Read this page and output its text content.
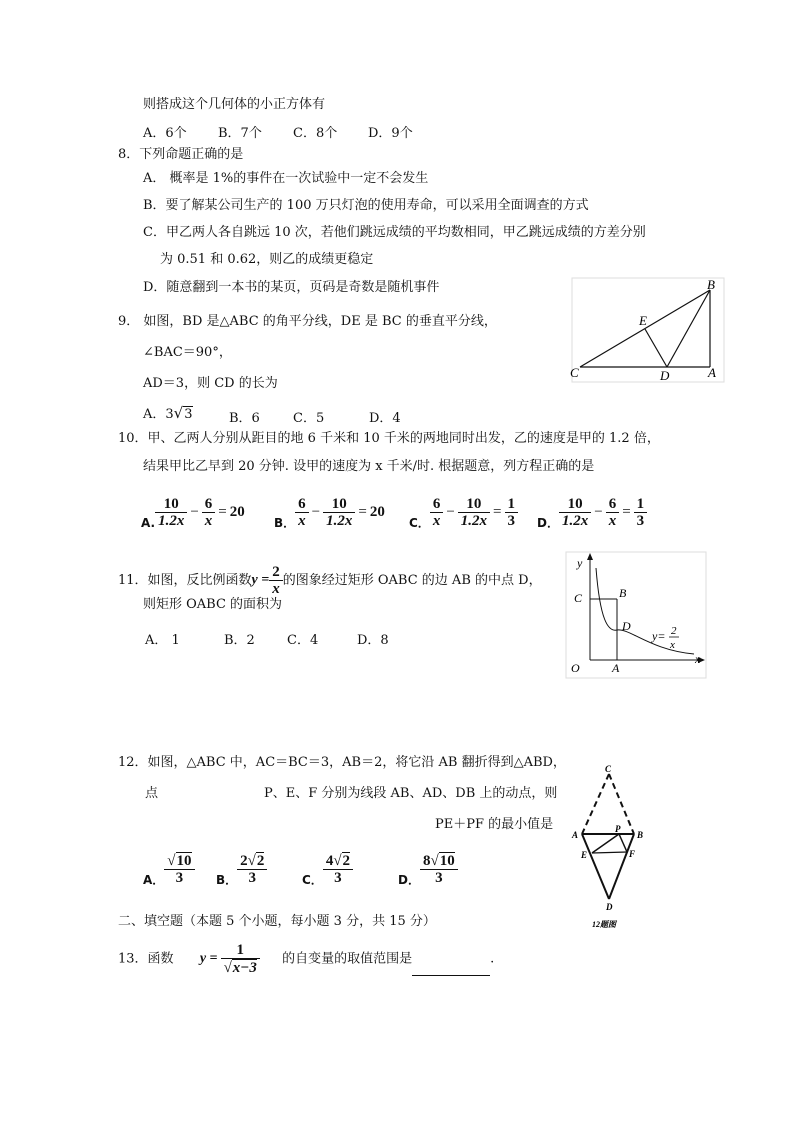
则搭成这个几何体的小正方体有
A．6个 B．7个 C．8个 D．9个
8．下列命题正确的是
A． 概率是 1%的事件在一次试验中一定不会发生
B．要了解某公司生产的 100 万只灯泡的使用寿命，可以采用全面调查的方式
C．甲乙两人各自跳远 10 次，若他们跳远成绩的平均数相同，甲乙跳远成绩的方差分别
为 0.51 和 0.62，则乙的成绩更稳定
D．随意翻到一本书的某页，页码是奇数是随机事件
9． 如图，BD 是△ABC 的角平分线，DE 是 BC 的垂直平分线，
∠BAC＝90°，
AD＝3，则 CD 的长为
A．3√3	B．6	C．5	D．4
B
E
C	D	A
10．甲、乙两人分别从距目的地 6 千米和 10 千米的两地同时出发，乙的速度是甲的 1.2 倍，
结果甲比乙早到 20 分钟. 设甲的速度为 x 千米/时. 根据题意，列方程正确的是
$_{A.} \frac{10}{1.2x} - \frac{6}{x} = 20$
$_{B.} \frac{6}{x} - \frac{10}{1.2x} = 20$
$_{C.} \frac{6}{x} - \frac{10}{1.2x} = \frac{1}{3} _{D.} \frac{10}{1.2x} - \frac{6}{x} = \frac{1}{3}$
11．如图，反比例函数$y = \frac{2}{x}$ 的图象经过矩形 OABC 的边 AB 的中点 D，
则矩形 OABC 的面积为
A． 1	B．2 C．4	D．8
y
x
O	A
B
C
D
y= 2
x
12．如图，△ABC 中，AC＝BC＝3，AB＝2，将它沿 AB 翻折得到△ABD，
点	P、E、F 分别为线段 AB、AD、DB 上的动点，则
PE＋PF 的最小值是
$_{A.} \frac{√10}{3} _{B.} \frac{2√2}{3}$	$_{C.} \frac{4√2}{3}$	$_{D.} \frac{8√10}{3}$
C
A
P
B
E	F
D
12题图
二、填空题（本题 5 个小题，每小题 3 分，共 15 分）
13．函数 $y = \frac{1}{√x-3}$ 的自变量的取值范围是	.
